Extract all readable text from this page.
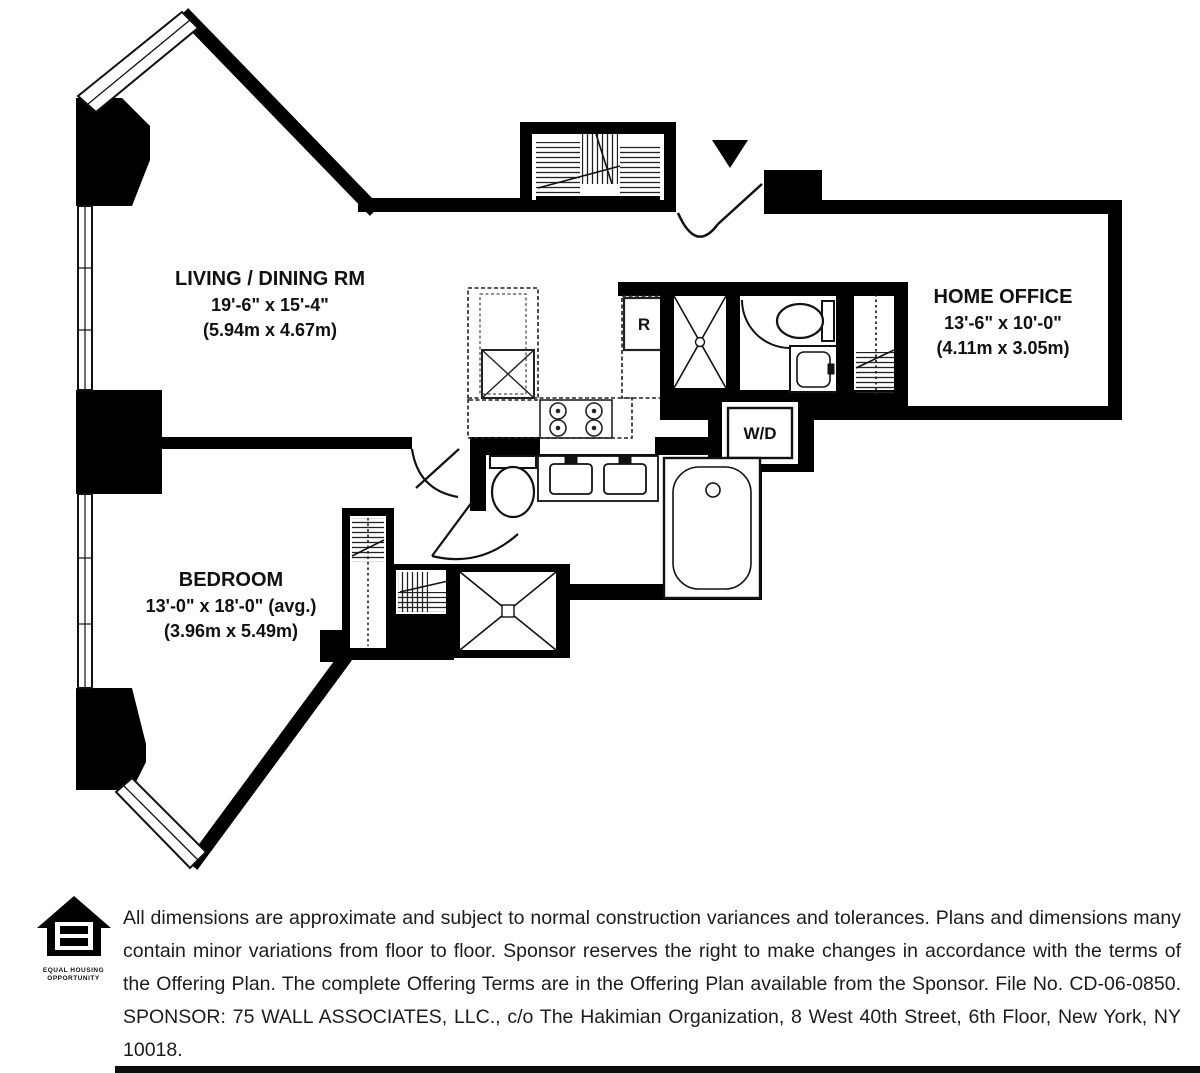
R
W/D
LIVING / DINING RM
19'-6" x 15'-4"
(5.94m x 4.67m)
HOME OFFICE
13'-6" x 10'-0"
(4.11m x 3.05m)
BEDROOM
13'-0" x 18'-0" (avg.)
(3.96m x 5.49m)
EQUAL HOUSING
OPPORTUNITY

All dimensions are approximate and subject to normal construction variances and tolerances. Plans and dimensions many contain minor variations from floor to floor. Sponsor reserves the right to make changes in accordance with the terms of the Offering Plan. The complete Offering Terms are in the Offering Plan available from the Sponsor. File No. CD-06-0850. SPONSOR: 75 WALL ASSOCIATES, LLC., c/o The Hakimian Organization, 8 West 40th Street, 6th Floor, New York, NY 10018.
